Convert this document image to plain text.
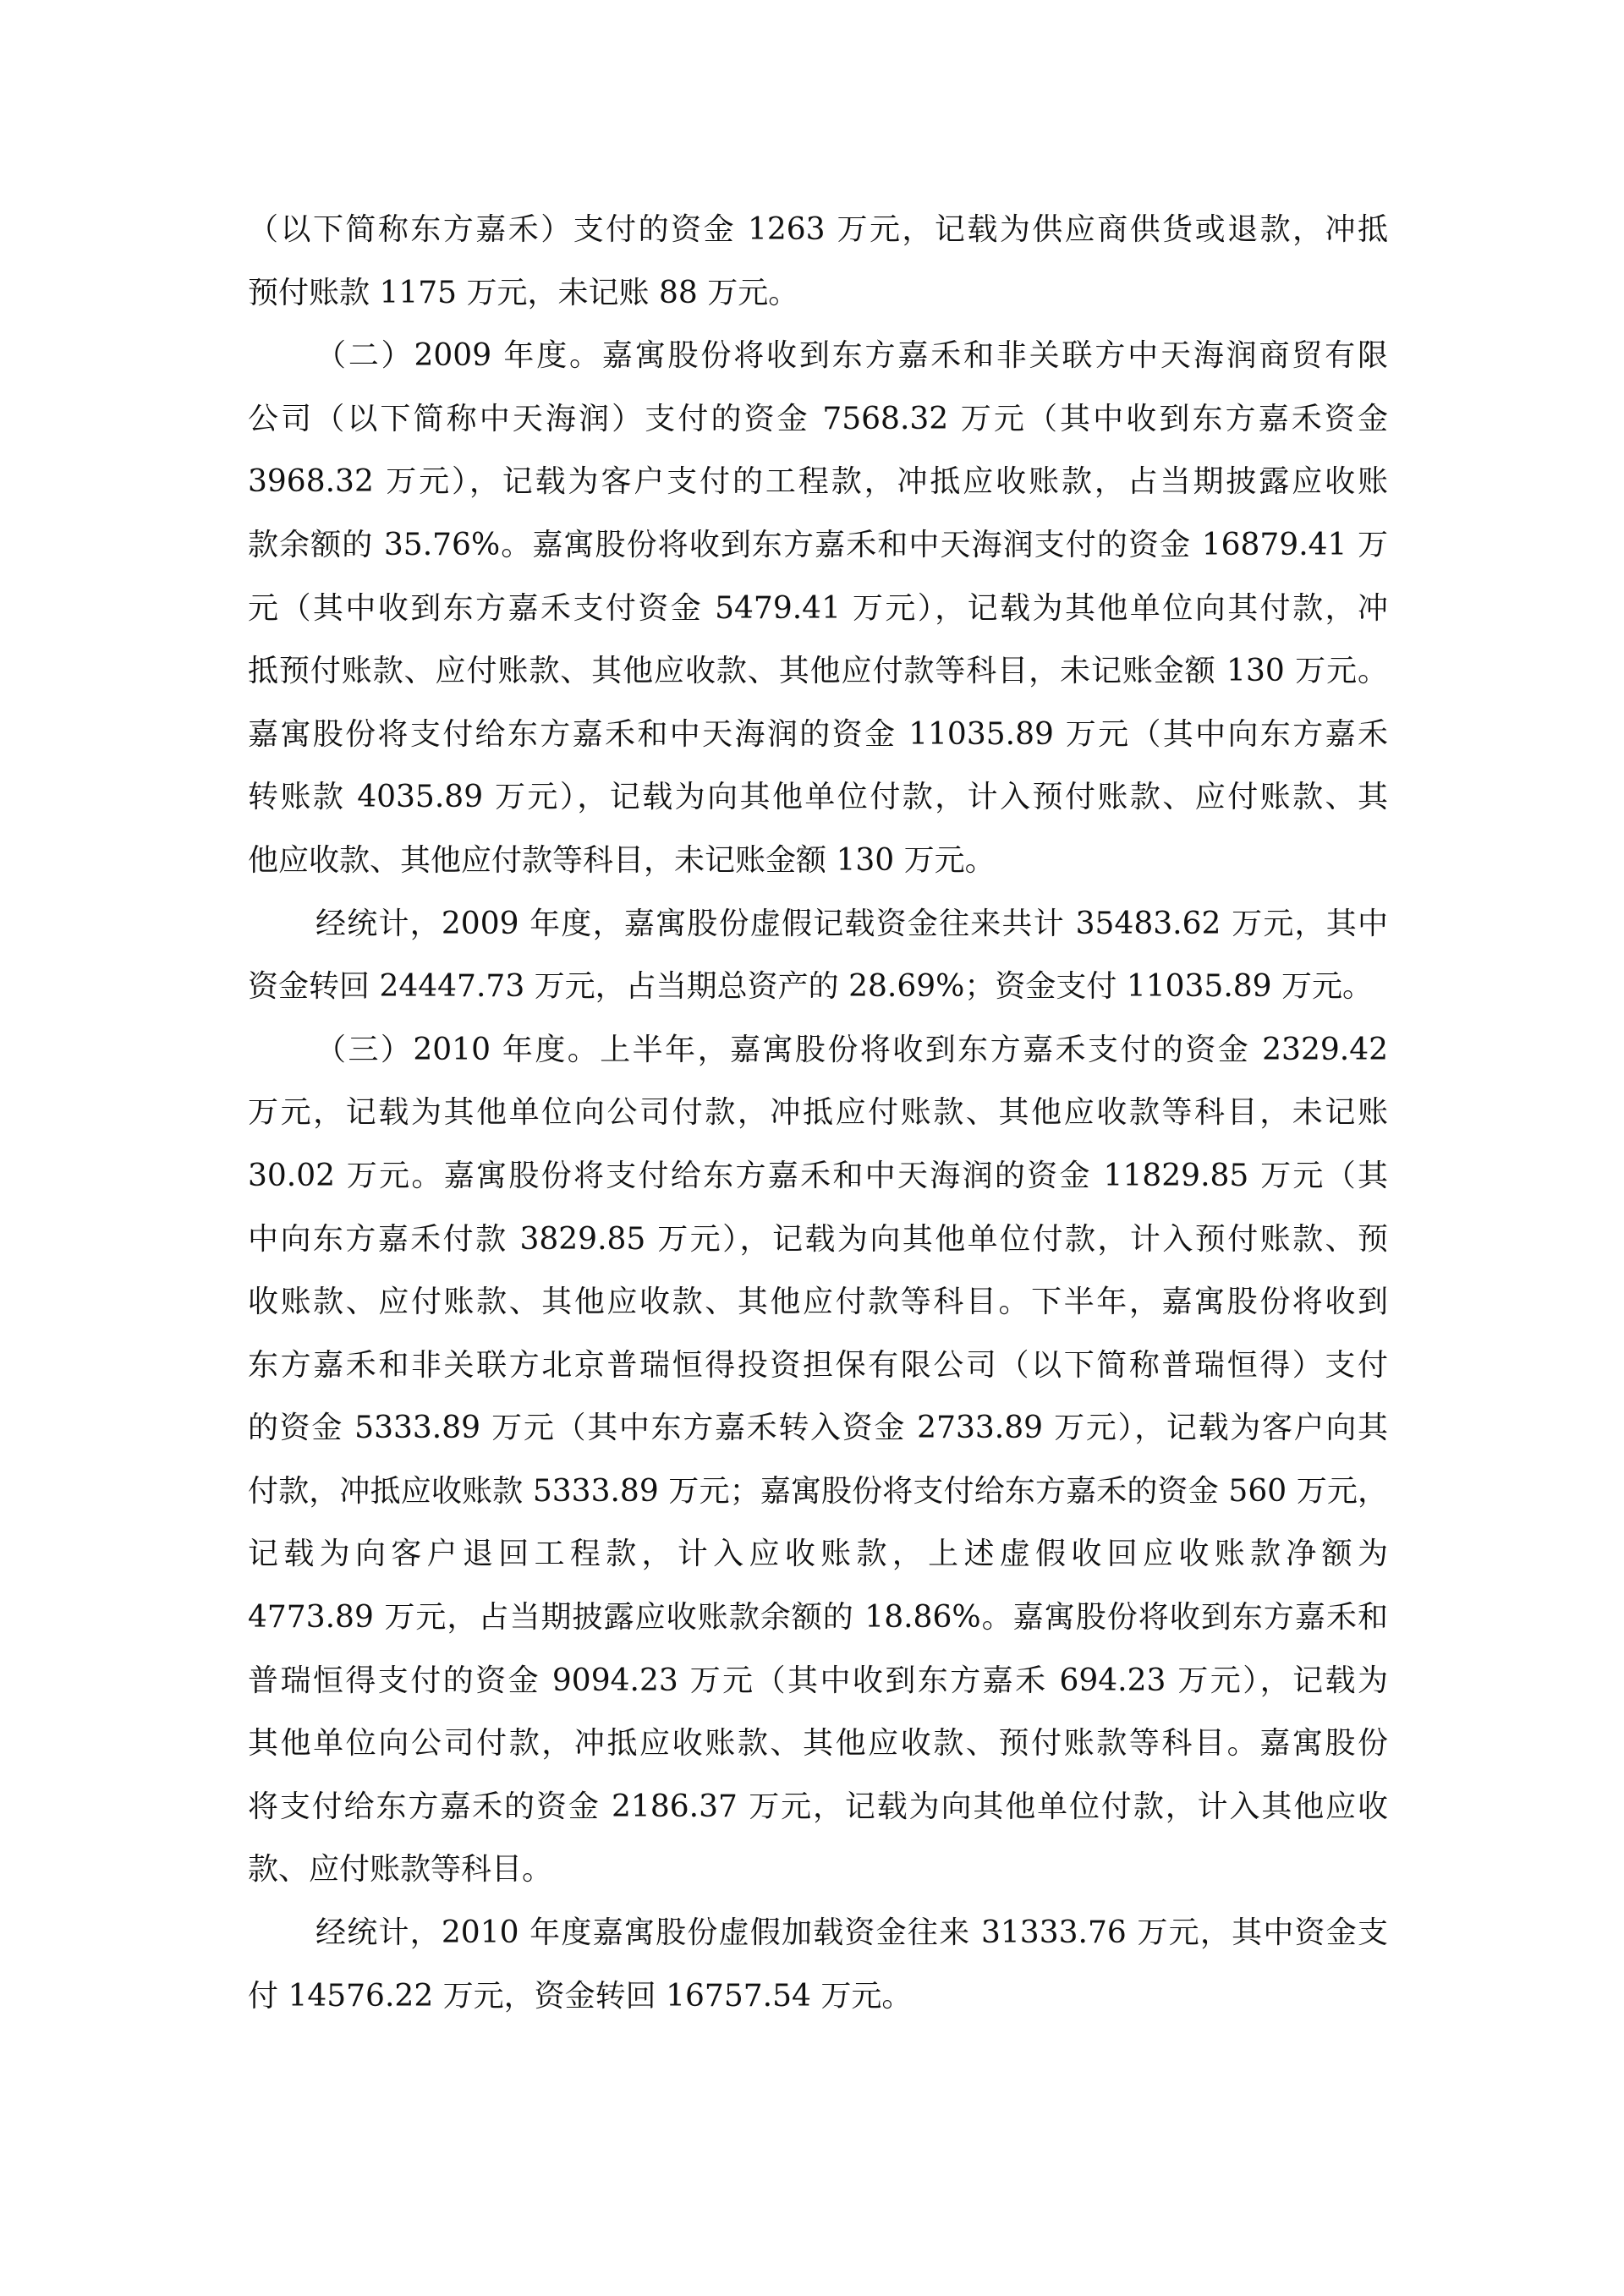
（以下简称东方嘉禾）支付的资金 1263 万元，记载为供应商供货或退款，冲抵
预付账款 1175 万元，未记账 88 万元。
（二）2009 年度。嘉寓股份将收到东方嘉禾和非关联方中天海润商贸有限
公司（以下简称中天海润）支付的资金 7568.32 万元（其中收到东方嘉禾资金
3968.32 万元），记载为客户支付的工程款，冲抵应收账款，占当期披露应收账
款余额的 35.76%。嘉寓股份将收到东方嘉禾和中天海润支付的资金 16879.41 万
元（其中收到东方嘉禾支付资金 5479.41 万元），记载为其他单位向其付款，冲
抵预付账款、应付账款、其他应收款、其他应付款等科目，未记账金额 130 万元。
嘉寓股份将支付给东方嘉禾和中天海润的资金 11035.89 万元（其中向东方嘉禾
转账款 4035.89 万元），记载为向其他单位付款，计入预付账款、应付账款、其
他应收款、其他应付款等科目，未记账金额 130 万元。
经统计，2009 年度，嘉寓股份虚假记载资金往来共计 35483.62 万元，其中
资金转回 24447.73 万元，占当期总资产的 28.69%；资金支付 11035.89 万元。
（三）2010 年度。上半年，嘉寓股份将收到东方嘉禾支付的资金 2329.42
万元，记载为其他单位向公司付款，冲抵应付账款、其他应收款等科目，未记账
30.02 万元。嘉寓股份将支付给东方嘉禾和中天海润的资金 11829.85 万元（其
中向东方嘉禾付款 3829.85 万元），记载为向其他单位付款，计入预付账款、预
收账款、应付账款、其他应收款、其他应付款等科目。下半年，嘉寓股份将收到
东方嘉禾和非关联方北京普瑞恒得投资担保有限公司（以下简称普瑞恒得）支付
的资金 5333.89 万元（其中东方嘉禾转入资金 2733.89 万元），记载为客户向其
付款，冲抵应收账款 5333.89 万元；嘉寓股份将支付给东方嘉禾的资金 560 万元，
记载为向客户退回工程款，计入应收账款，上述虚假收回应收账款净额为
4773.89 万元，占当期披露应收账款余额的 18.86%。嘉寓股份将收到东方嘉禾和
普瑞恒得支付的资金 9094.23 万元（其中收到东方嘉禾 694.23 万元），记载为
其他单位向公司付款，冲抵应收账款、其他应收款、预付账款等科目。嘉寓股份
将支付给东方嘉禾的资金 2186.37 万元，记载为向其他单位付款，计入其他应收
款、应付账款等科目。
经统计，2010 年度嘉寓股份虚假加载资金往来 31333.76 万元，其中资金支
付 14576.22 万元，资金转回 16757.54 万元。
